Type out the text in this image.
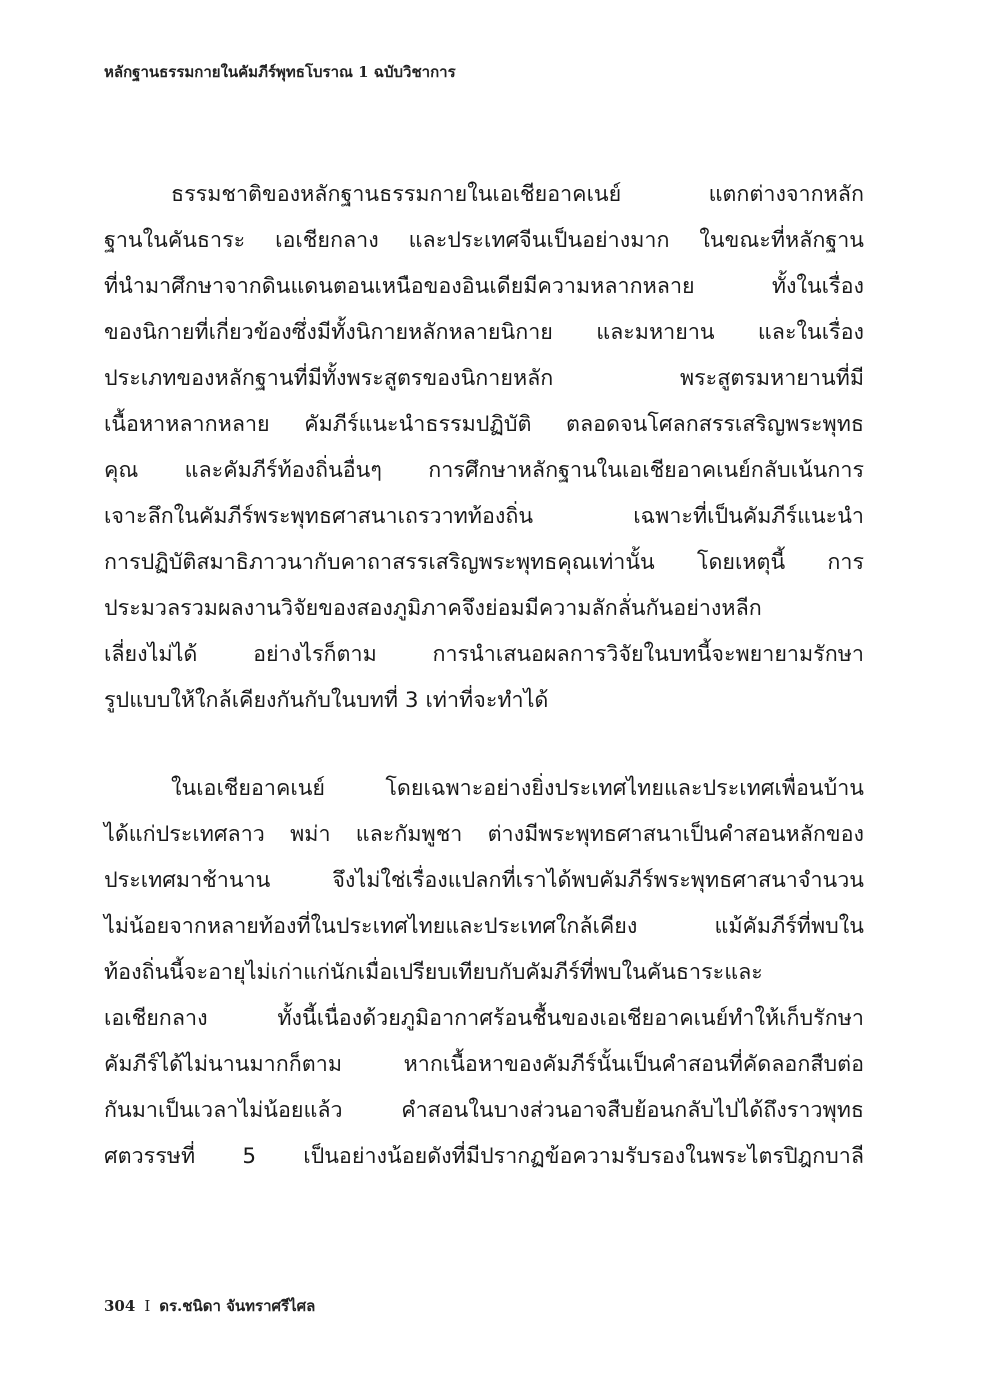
หลักฐานธรรมกายในคัมภีร์พุทธโบราณ 1 ฉบับวิชาการ
ธรรมชาติของหลักฐานธรรมกายในเอเชียอาคเนย์ แตกต่างจากหลัก
ฐานในคันธาระ เอเชียกลาง และประเทศจีนเป็นอย่างมาก ในขณะที่หลักฐาน
ที่นำมาศึกษาจากดินแดนตอนเหนือของอินเดียมีความหลากหลาย ทั้งในเรื่อง
ของนิกายที่เกี่ยวข้องซึ่งมีทั้งนิกายหลักหลายนิกาย และมหายาน และในเรื่อง
ประเภทของหลักฐานที่มีทั้งพระสูตรของนิกายหลัก พระสูตรมหายานที่มี
เนื้อหาหลากหลาย คัมภีร์แนะนำธรรมปฏิบัติ ตลอดจนโศลกสรรเสริญพระพุทธ
คุณ และคัมภีร์ท้องถิ่นอื่นๆ การศึกษาหลักฐานในเอเชียอาคเนย์กลับเน้นการ
เจาะลึกในคัมภีร์พระพุทธศาสนาเถรวาทท้องถิ่น เฉพาะที่เป็นคัมภีร์แนะนำ
การปฏิบัติสมาธิภาวนากับคาถาสรรเสริญพระพุทธคุณเท่านั้น โดยเหตุนี้ การ
ประมวลรวมผลงานวิจัยของสองภูมิภาคจึงย่อมมีความลักลั่นกันอย่างหลีก
เลี่ยงไม่ได้ อย่างไรก็ตาม การนำเสนอผลการวิจัยในบทนี้จะพยายามรักษา
รูปแบบให้ใกล้เคียงกันกับในบทที่ 3 เท่าที่จะทำได้
ในเอเชียอาคเนย์ โดยเฉพาะอย่างยิ่งประเทศไทยและประเทศเพื่อนบ้าน
ได้แก่ประเทศลาว พม่า และกัมพูชา ต่างมีพระพุทธศาสนาเป็นคำสอนหลักของ
ประเทศมาช้านาน จึงไม่ใช่เรื่องแปลกที่เราได้พบคัมภีร์พระพุทธศาสนาจำนวน
ไม่น้อยจากหลายท้องที่ในประเทศไทยและประเทศใกล้เคียง แม้คัมภีร์ที่พบใน
ท้องถิ่นนี้จะอายุไม่เก่าแก่นักเมื่อเปรียบเทียบกับคัมภีร์ที่พบในคันธาระและ
เอเชียกลาง ทั้งนี้เนื่องด้วยภูมิอากาศร้อนชื้นของเอเชียอาคเนย์ทำให้เก็บรักษา
คัมภีร์ได้ไม่นานมากก็ตาม หากเนื้อหาของคัมภีร์นั้นเป็นคำสอนที่คัดลอกสืบต่อ
กันมาเป็นเวลาไม่น้อยแล้ว คำสอนในบางส่วนอาจสืบย้อนกลับไปได้ถึงราวพุทธ
ศตวรรษที่ 5 เป็นอย่างน้อยดังที่มีปรากฏข้อความรับรองในพระไตรปิฎกบาลี
304 I ดร.ชนิดา จันทราศรีไศล
